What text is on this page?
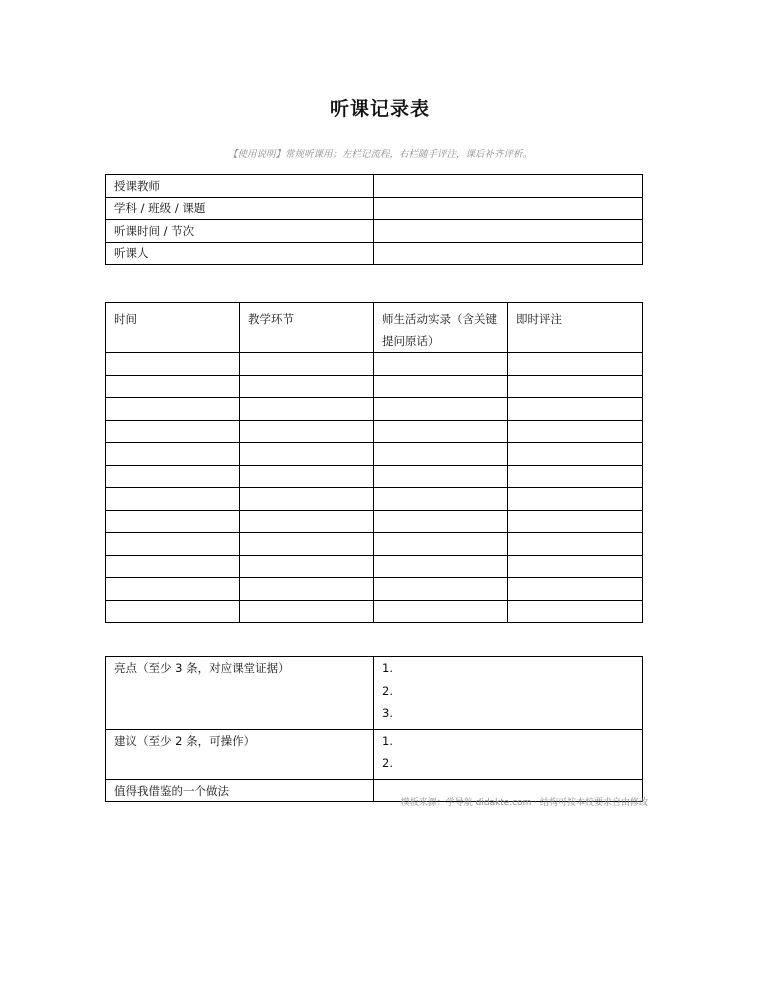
听课记录表
【使用说明】常规听课用；左栏记流程，右栏随手评注，课后补齐评析。
授课教师	
学科 / 班级 / 课题	
听课时间 / 节次	
听课人	
时间	教学环节	师生活动实录（含关键提问原话）	即时评注

亮点（至少 3 条，对应课堂证据）	1.
2.
3.

建议（至少 2 条，可操作）	1.
2.

值得我借鉴的一个做法	
模板来源：学导航 didakte.com · 结构可按本校要求自由修改
